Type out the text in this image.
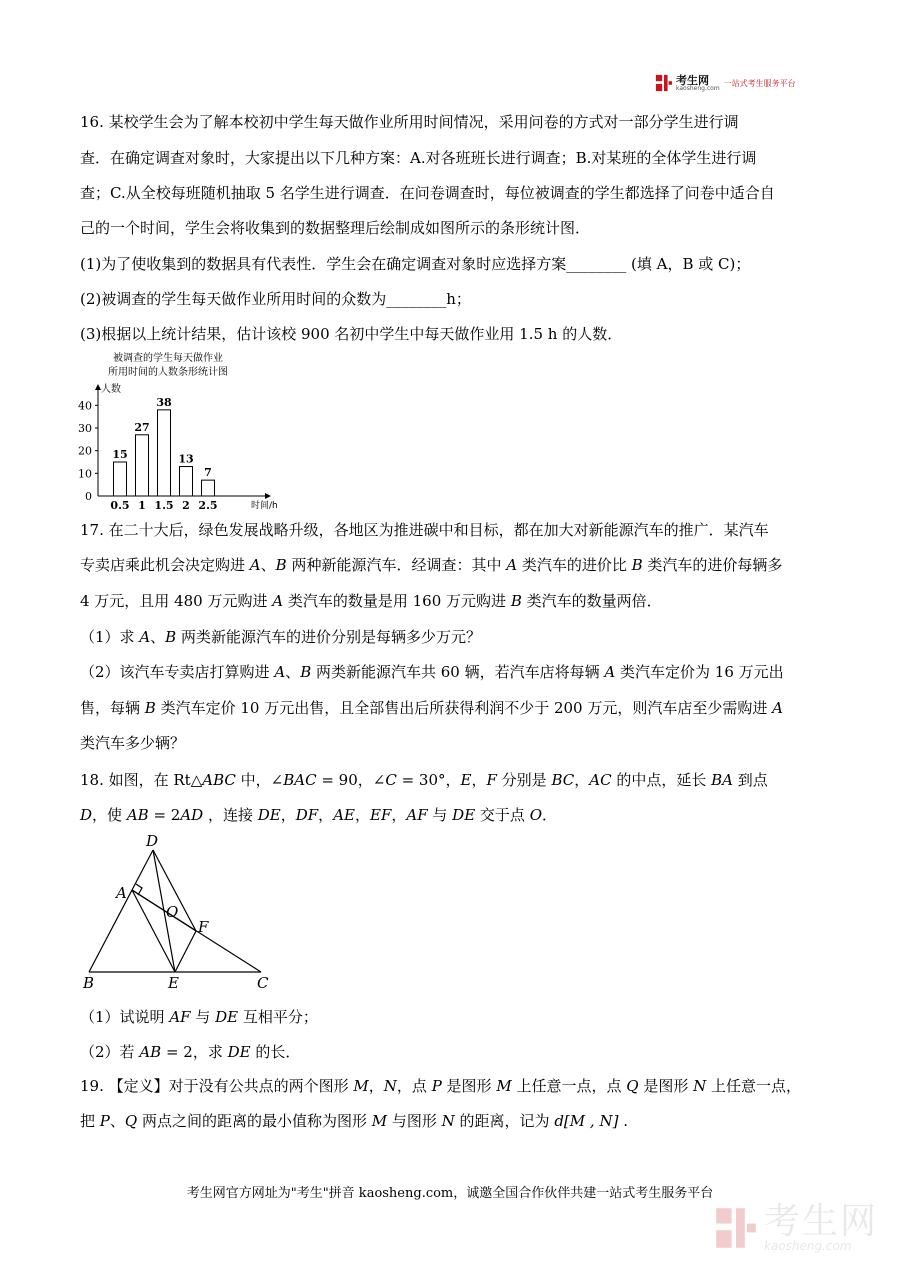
考生网
kaosheng.com
一站式考生服务平台
16. 某校学生会为了解本校初中学生每天做作业所用时间情况，采用问卷的方式对一部分学生进行调
查．在确定调查对象时，大家提出以下几种方案：A.对各班班长进行调查；B.对某班的全体学生进行调
查；C.从全校每班随机抽取 5 名学生进行调查．在问卷调查时，每位被调查的学生都选择了问卷中适合自
己的一个时间，学生会将收集到的数据整理后绘制成如图所示的条形统计图．
(1)为了使收集到的数据具有代表性．学生会在确定调查对象时应选择方案________ (填 A，B 或 C)；
(2)被调查的学生每天做作业所用时间的众数为________h；
(3)根据以上统计结果，估计该校 900 名初中学生中每天做作业用 1.5 h 的人数．
被调查的学生每天做作业
所用时间的人数条形统计图
人数
时间/h
0
10
20
30
40
15
0.5
27
1
38
1.5
13
2
7
2.5
17. 在二十大后，绿色发展战略升级，各地区为推进碳中和目标，都在加大对新能源汽车的推广．某汽车
专卖店乘此机会决定购进 A、B 两种新能源汽车．经调查：其中 A 类汽车的进价比 B 类汽车的进价每辆多
4 万元，且用 480 万元购进 A 类汽车的数量是用 160 万元购进 B 类汽车的数量两倍．
（1）求 A、B 两类新能源汽车的进价分别是每辆多少万元？
（2）该汽车专卖店打算购进 A、B 两类新能源汽车共 60 辆，若汽车店将每辆 A 类汽车定价为 16 万元出
售，每辆 B 类汽车定价 10 万元出售，且全部售出后所获得利润不少于 200 万元，则汽车店至少需购进 A
类汽车多少辆？
18. 如图，在 Rt△ABC 中，∠BAC = 90，∠C = 30°，E，F 分别是 BC，AC 的中点，延长 BA 到点
D，使 AB = 2AD ，连接 DE，DF，AE，EF，AF 与 DE 交于点 O．
D
A
O
F
B	E	C
（1）试说明 AF 与 DE 互相平分；
（2）若 AB = 2，求 DE 的长．
19. 【定义】对于没有公共点的两个图形 M，N，点 P 是图形 M 上任意一点，点 Q 是图形 N 上任意一点，
把 P、Q 两点之间的距离的最小值称为图形 M 与图形 N 的距离，记为 d[M , N] .
考生网官方网址为"考生"拼音 kaosheng.com，诚邀全国合作伙伴共建一站式考生服务平台
考生网
kaosheng.com
